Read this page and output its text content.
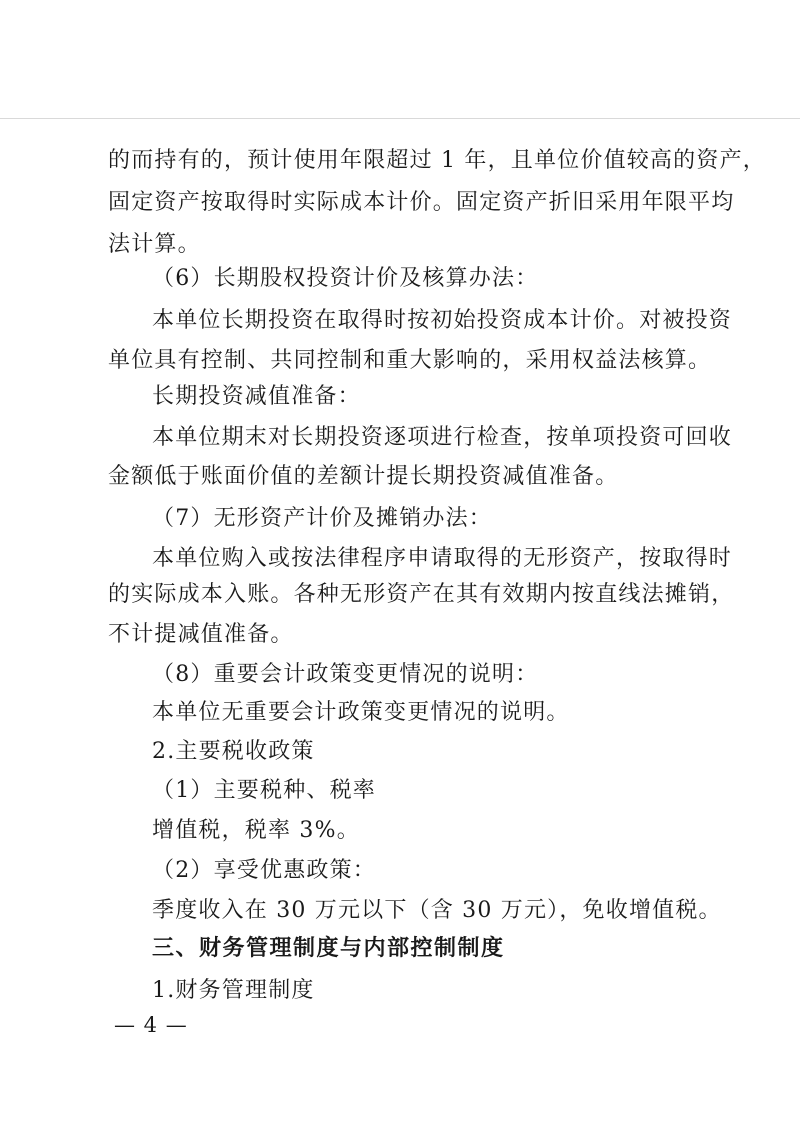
的而持有的，预计使用年限超过 1 年，且单位价值较高的资产，
固定资产按取得时实际成本计价。固定资产折旧采用年限平均
法计算。
（6）长期股权投资计价及核算办法：
本单位长期投资在取得时按初始投资成本计价。对被投资
单位具有控制、共同控制和重大影响的，采用权益法核算。
长期投资减值准备：
本单位期末对长期投资逐项进行检查，按单项投资可回收
金额低于账面价值的差额计提长期投资减值准备。
（7）无形资产计价及摊销办法：
本单位购入或按法律程序申请取得的无形资产，按取得时
的实际成本入账。各种无形资产在其有效期内按直线法摊销，
不计提减值准备。
（8）重要会计政策变更情况的说明：
本单位无重要会计政策变更情况的说明。
2.主要税收政策
（1）主要税种、税率
增值税，税率 3%。
（2）享受优惠政策：
季度收入在 30 万元以下（含 30 万元），免收增值税。
三、财务管理制度与内部控制制度
1.财务管理制度
— 4 —
